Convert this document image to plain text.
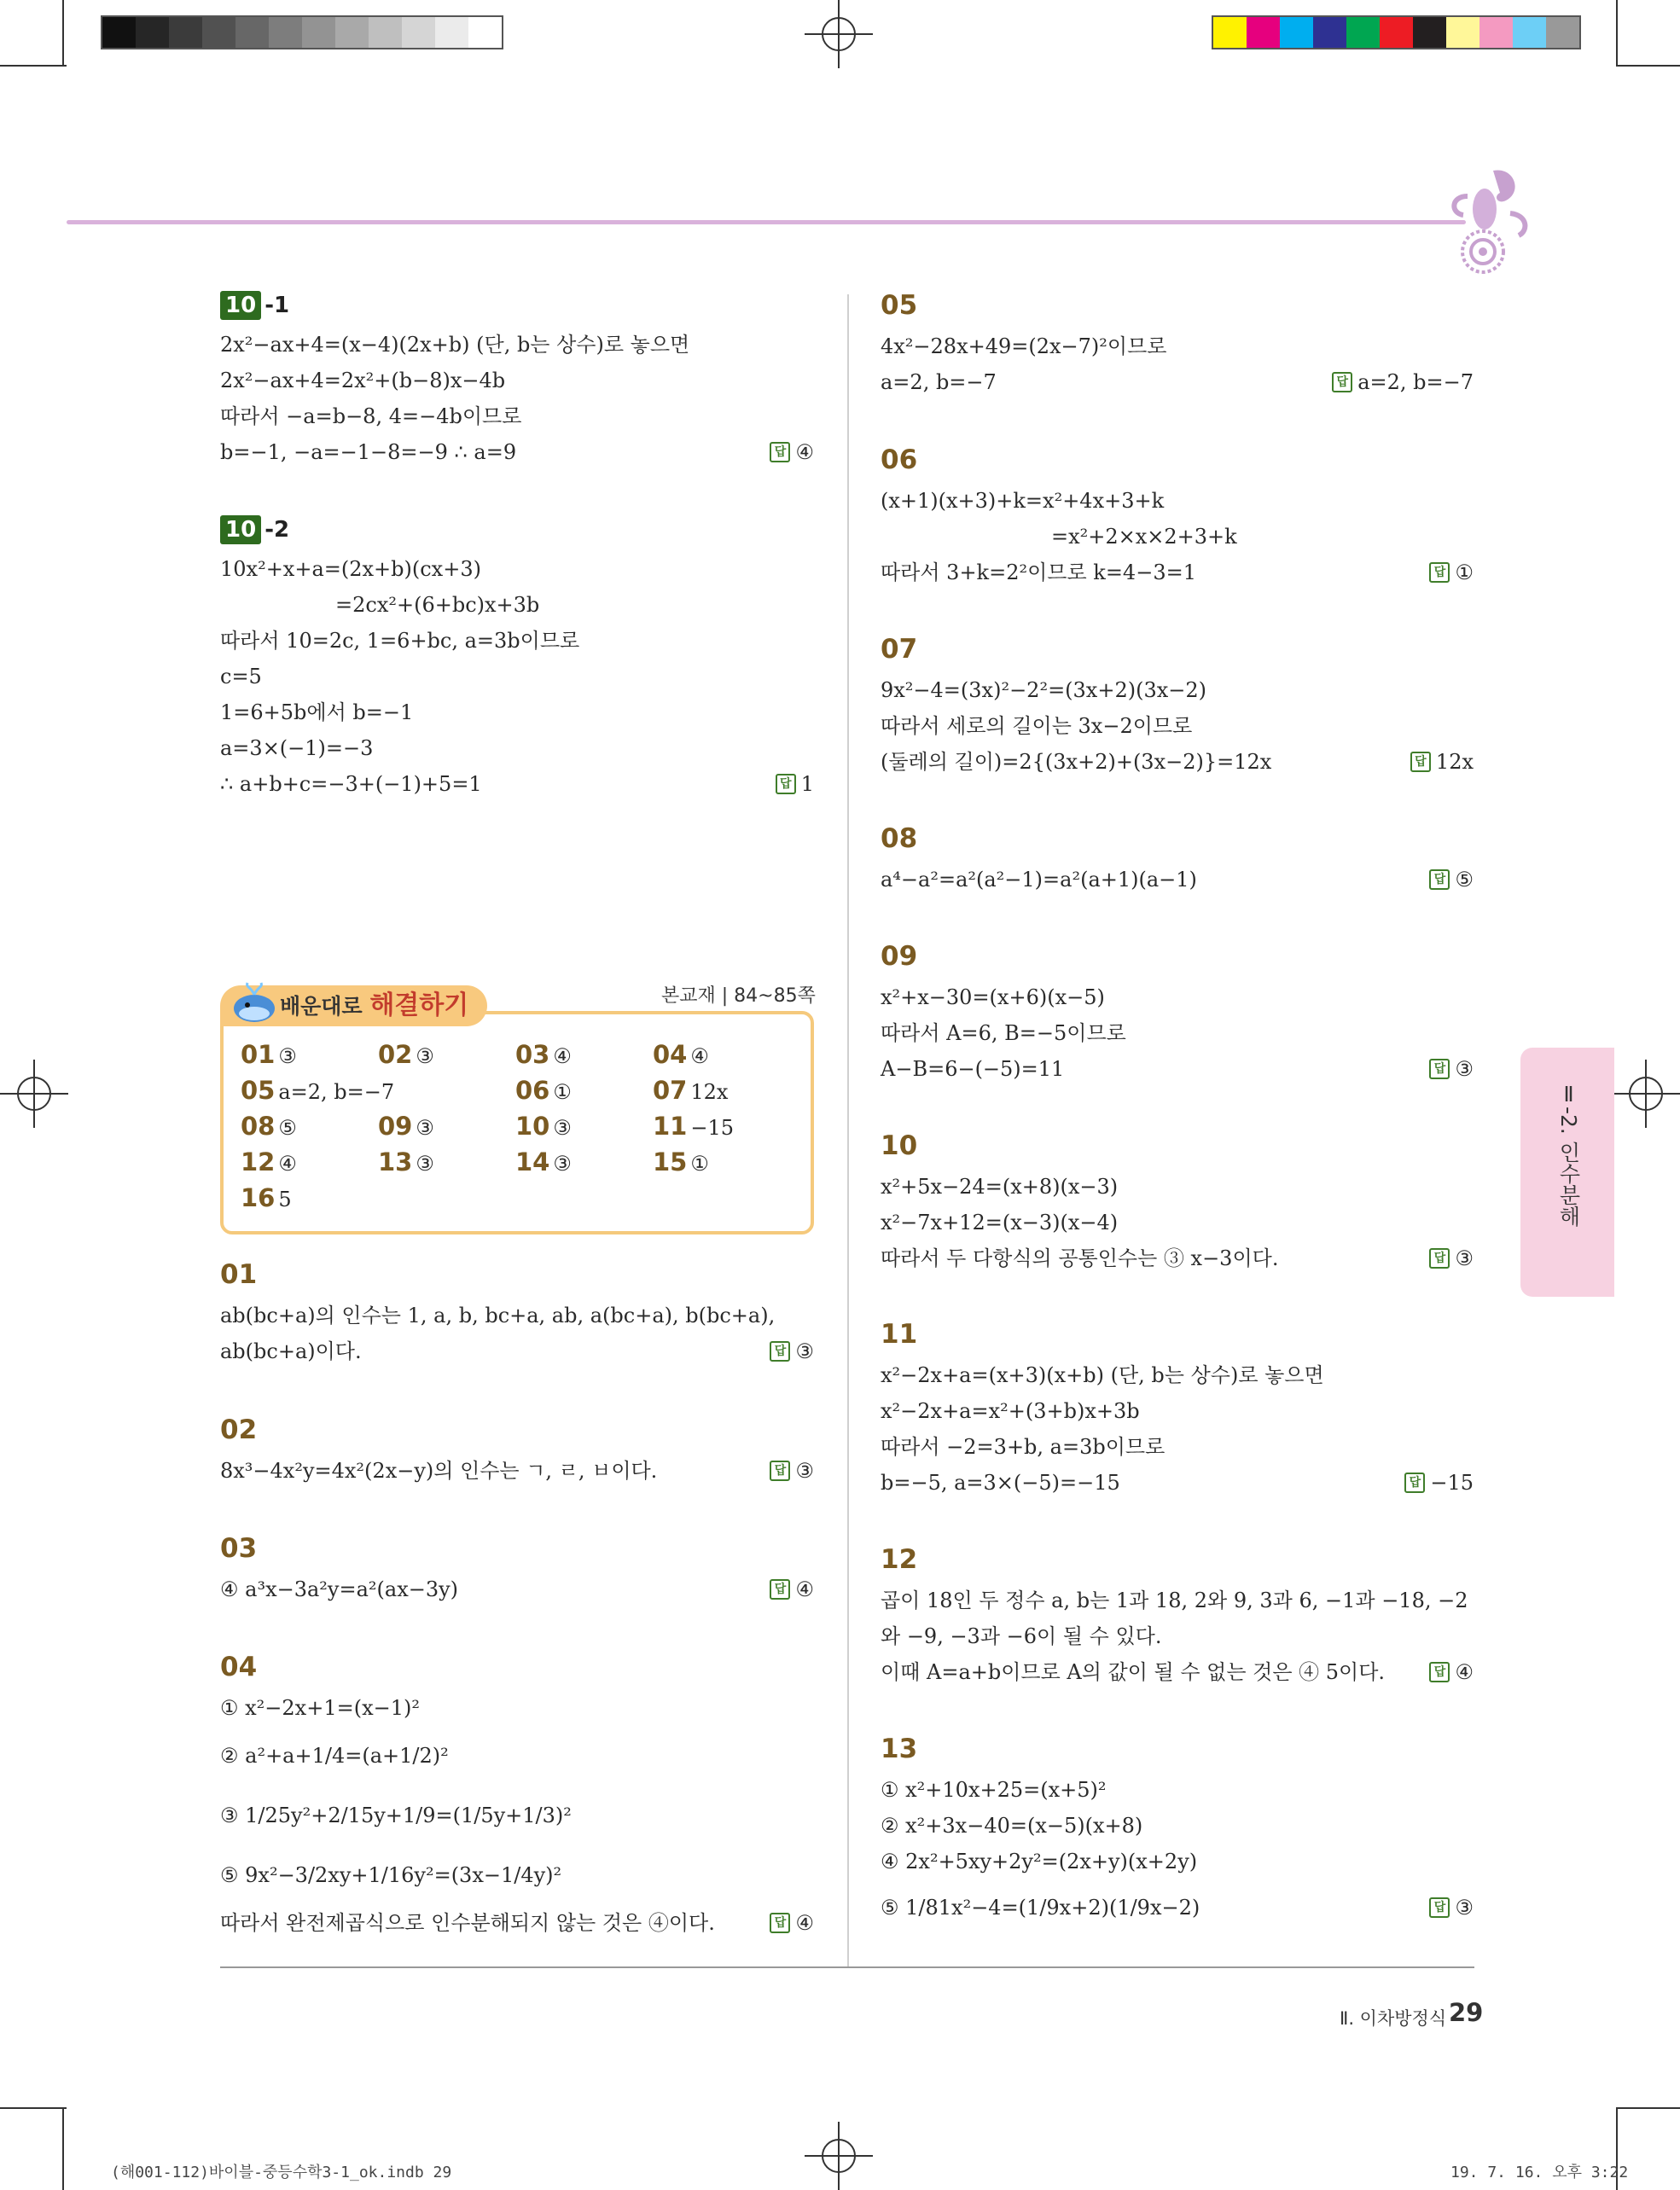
10 -1
2x²−ax+4=(x−4)(2x+b) (단, b는 상수)로 놓으면
2x²−ax+4=2x²+(b−8)x−4b
따라서 −a=b−8, 4=−4b이므로
b=−1, −a=−1−8=−9 ∴ a=9	답 ④
10 -2
10x²+x+a=(2x+b)(cx+3)
=2cx²+(6+bc)x+3b
따라서 10=2c, 1=6+bc, a=3b이므로
c=5
1=6+5b에서 b=−1
a=3×(−1)=−3
∴ a+b+c=−3+(−1)+5=1	답 1
01 ③	02 ③	03 ④	04 ④
05 a=2, b=−7	06 ①	07 12x
08 ⑤	09 ③	10 ③	11 −15
12 ④	13 ③	14 ③	15 ①
16 5
배운대로 해결하기	본교재 | 84~85쪽
01
ab(bc+a)의 인수는 1, a, b, bc+a, ab, a(bc+a), b(bc+a),
ab(bc+a)이다.	답 ③
02
8x³−4x²y=4x²(2x−y)의 인수는 ㄱ, ㄹ, ㅂ이다.	답 ③
03
④ a³x−3a²y=a²(ax−3y)	답 ④
04
① x²−2x+1=(x−1)²
② a²+a+1/4=(a+1/2)²
③ 1/25y²+2/15y+1/9=(1/5y+1/3)²
⑤ 9x²−3/2xy+1/16y²=(3x−1/4y)²
따라서 완전제곱식으로 인수분해되지 않는 것은 ④이다.	답 ④
05
4x²−28x+49=(2x−7)²이므로
a=2, b=−7	답 a=2, b=−7
06
(x+1)(x+3)+k=x²+4x+3+k
=x²+2×x×2+3+k
따라서 3+k=2²이므로 k=4−3=1	답 ①
07
9x²−4=(3x)²−2²=(3x+2)(3x−2)
따라서 세로의 길이는 3x−2이므로
(둘레의 길이)=2{(3x+2)+(3x−2)}=12x	답 12x
08
a⁴−a²=a²(a²−1)=a²(a+1)(a−1)	답 ⑤
09
x²+x−30=(x+6)(x−5)
따라서 A=6, B=−5이므로
A−B=6−(−5)=11	답 ③
10
x²+5x−24=(x+8)(x−3)
x²−7x+12=(x−3)(x−4)
따라서 두 다항식의 공통인수는 ③ x−3이다.	답 ③
11
x²−2x+a=(x+3)(x+b) (단, b는 상수)로 놓으면
x²−2x+a=x²+(3+b)x+3b
따라서 −2=3+b, a=3b이므로
b=−5, a=3×(−5)=−15	답 −15
12
곱이 18인 두 정수 a, b는 1과 18, 2와 9, 3과 6, −1과 −18, −2
와 −9, −3과 −6이 될 수 있다.
이때 A=a+b이므로 A의 값이 될 수 없는 것은 ④ 5이다.	답 ④
13
① x²+10x+25=(x+5)²
② x²+3x−40=(x−5)(x+8)
④ 2x²+5xy+2y²=(2x+y)(x+2y)
⑤ 1/81x²−4=(1/9x+2)(1/9x−2)	답 ③
Ⅱ-2. 인수분해
Ⅱ. 이차방정식 29
(해001-112)바이블-중등수학3-1_ok.indb 29	19. 7. 16. 오후 3:22
